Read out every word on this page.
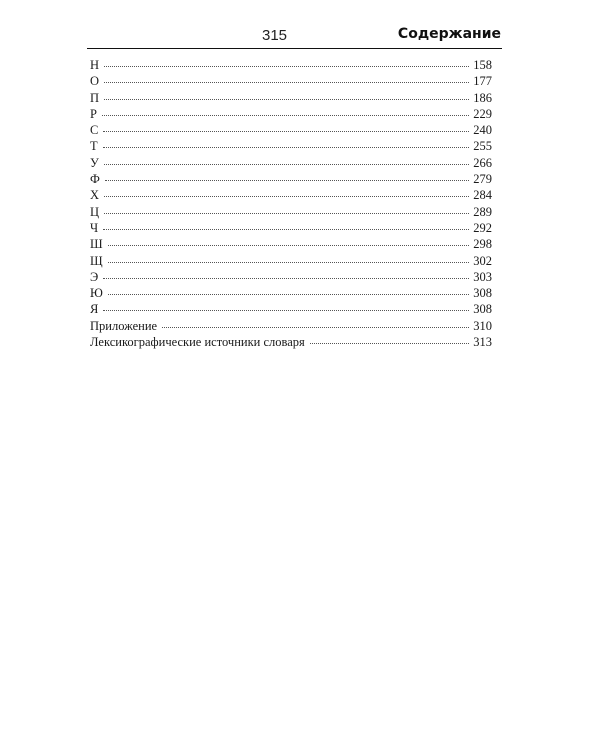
315	Содержание
Н	158
О	177
П	186
Р	229
С	240
Т	255
У	266
Ф	279
Х	284
Ц	289
Ч	292
Ш	298
Щ	302
Э	303
Ю	308
Я	308
Приложение	310
Лексикографические источники словаря	313
